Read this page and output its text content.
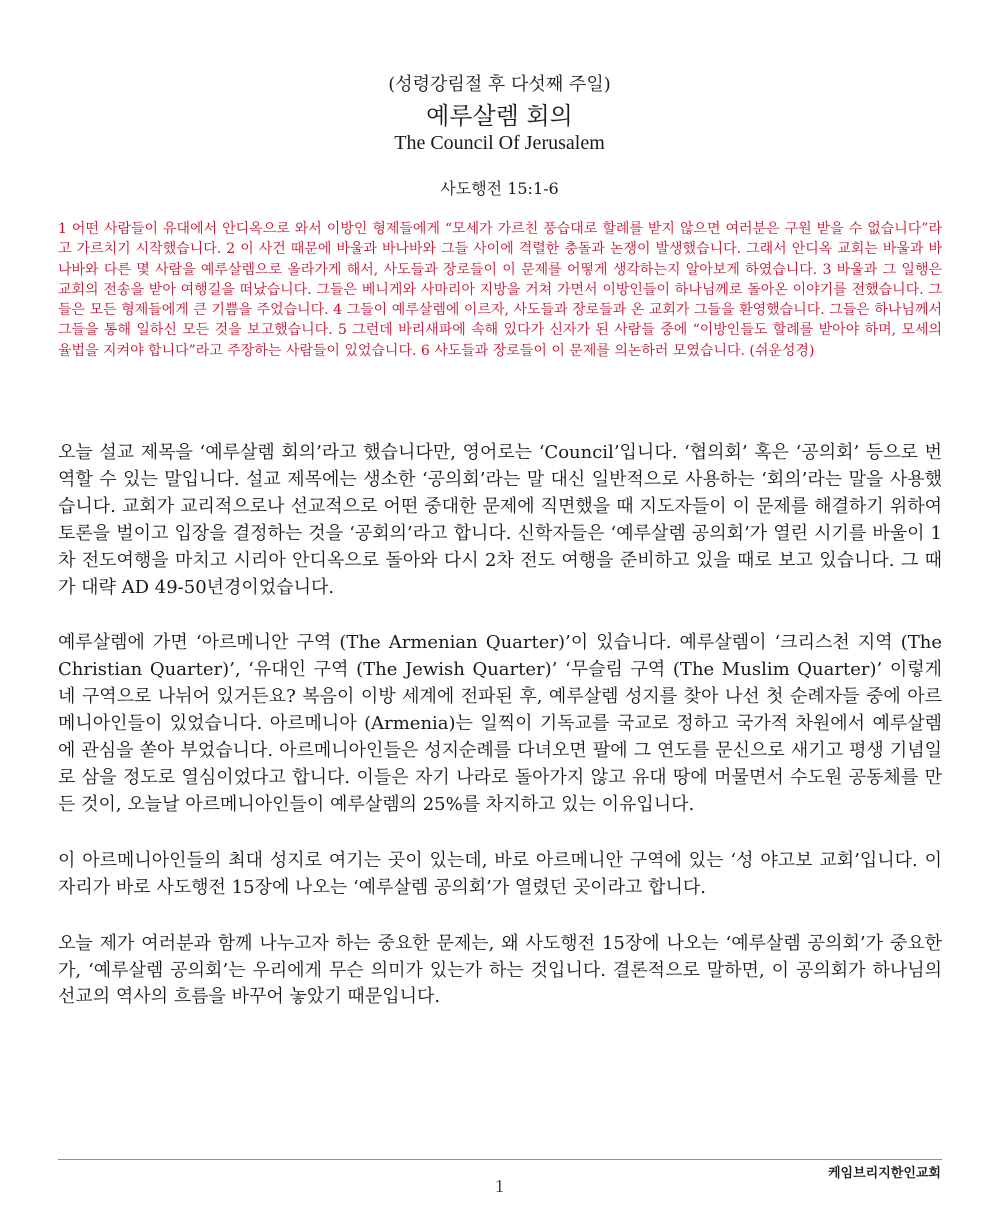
(성령강림절 후 다섯째 주일)
예루살렘 회의
The Council Of Jerusalem
사도행전 15:1-6
1 어떤 사람들이 유대에서 안디옥으로 와서 이방인 형제들에게 “모세가 가르친 풍습대로 할례를 받지 않으면 여러분은 구원 받을 수 없습니다”라고 가르치기 시작했습니다. 2 이 사건 때문에 바울과 바나바와 그들 사이에 격렬한 충돌과 논쟁이 발생했습니다. 그래서 안디옥 교회는 바울과 바나바와 다른 몇 사람을 예루살렘으로 올라가게 해서, 사도들과 장로들이 이 문제를 어떻게 생각하는지 알아보게 하였습니다. 3 바울과 그 일행은 교회의 전송을 받아 여행길을 떠났습니다. 그들은 베니게와 사마리아 지방을 거쳐 가면서 이방인들이 하나님께로 돌아온 이야기를 전했습니다. 그들은 모든 형제들에게 큰 기쁨을 주었습니다. 4 그들이 예루살렘에 이르자, 사도들과 장로들과 온 교회가 그들을 환영했습니다. 그들은 하나님께서 그들을 통해 일하신 모든 것을 보고했습니다. 5 그런데 바리새파에 속해 있다가 신자가 된 사람들 중에 “이방인들도 할례를 받아야 하며, 모세의 율법을 지켜야 합니다”라고 주장하는 사람들이 있었습니다. 6 사도들과 장로들이 이 문제를 의논하러 모였습니다. (쉬운성경)

오늘 설교 제목을 ‘예루살렘 회의’라고 했습니다만, 영어로는 ‘Council’입니다. ‘협의회’ 혹은 ‘공의회’ 등으로 번역할 수 있는 말입니다. 설교 제목에는 생소한 ‘공의회’라는 말 대신 일반적으로 사용하는 ‘회의’라는 말을 사용했습니다. 교회가 교리적으로나 선교적으로 어떤 중대한 문제에 직면했을 때 지도자들이 이 문제를 해결하기 위하여 토론을 벌이고 입장을 결정하는 것을 ‘공회의’라고 합니다. 신학자들은 ‘예루살렘 공의회’가 열린 시기를 바울이 1차 전도여행을 마치고 시리아 안디옥으로 돌아와 다시 2차 전도 여행을 준비하고 있을 때로 보고 있습니다. 그 때가 대략 AD 49-50년경이었습니다.

예루살렘에 가면 ‘아르메니안 구역 (The Armenian Quarter)’이 있습니다. 예루살렘이 ‘크리스천 지역 (The Christian Quarter)’, ‘유대인 구역 (The Jewish Quarter)’ ‘무슬림 구역 (The Muslim Quarter)’ 이렇게 네 구역으로 나뉘어 있거든요? 복음이 이방 세계에 전파된 후, 예루살렘 성지를 찾아 나선 첫 순례자들 중에 아르메니아인들이 있었습니다. 아르메니아 (Armenia)는 일찍이 기독교를 국교로 정하고 국가적 차원에서 예루살렘에 관심을 쏟아 부었습니다. 아르메니아인들은 성지순례를 다녀오면 팔에 그 연도를 문신으로 새기고 평생 기념일로 삼을 정도로 열심이었다고 합니다. 이들은 자기 나라로 돌아가지 않고 유대 땅에 머물면서 수도원 공동체를 만든 것이, 오늘날 아르메니아인들이 예루살렘의 25%를 차지하고 있는 이유입니다.

이 아르메니아인들의 최대 성지로 여기는 곳이 있는데, 바로 아르메니안 구역에 있는 ‘성 야고보 교회’입니다. 이 자리가 바로 사도행전 15장에 나오는 ‘예루살렘 공의회’가 열렸던 곳이라고 합니다.

오늘 제가 여러분과 함께 나누고자 하는 중요한 문제는, 왜 사도행전 15장에 나오는 ‘예루살렘 공의회’가 중요한가, ‘예루살렘 공의회’는 우리에게 무슨 의미가 있는가 하는 것입니다. 결론적으로 말하면, 이 공의회가 하나님의 선교의 역사의 흐름을 바꾸어 놓았기 때문입니다.

케임브리지한인교회
1
